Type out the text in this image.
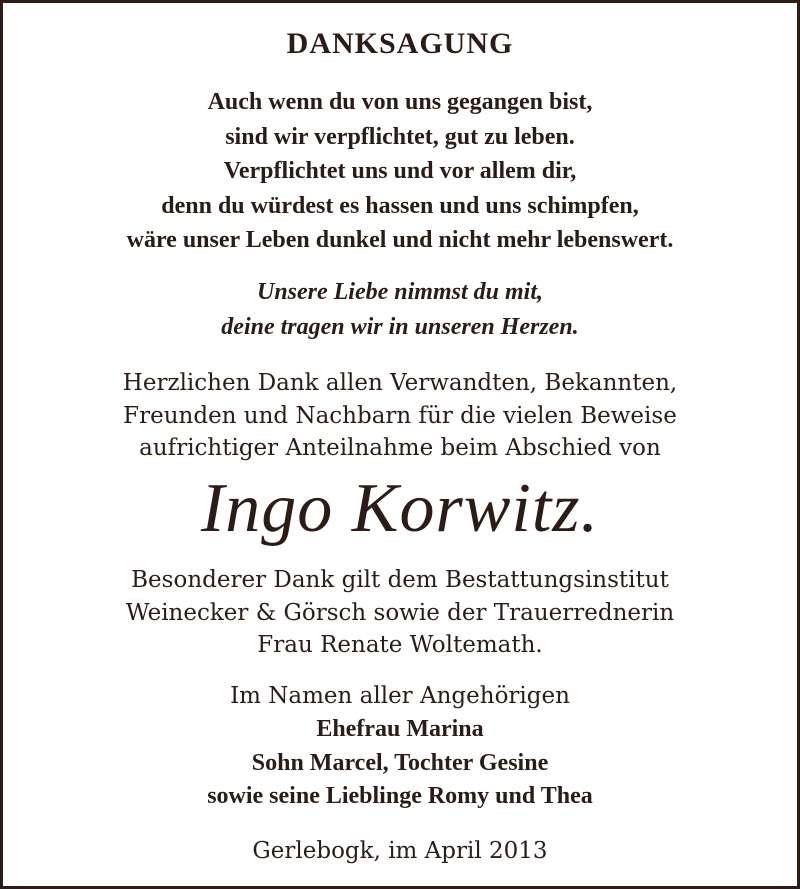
DANKSAGUNG
Auch wenn du von uns gegangen bist,
sind wir verpflichtet, gut zu leben.
Verpflichtet uns und vor allem dir,
denn du würdest es hassen und uns schimpfen,
wäre unser Leben dunkel und nicht mehr lebenswert.
Unsere Liebe nimmst du mit,
deine tragen wir in unseren Herzen.
Herzlichen Dank allen Verwandten, Bekannten,
Freunden und Nachbarn für die vielen Beweise
aufrichtiger Anteilnahme beim Abschied von
Ingo Korwitz.
Besonderer Dank gilt dem Bestattungsinstitut
Weinecker & Görsch sowie der Trauerrednerin
Frau Renate Woltemath.
Im Namen aller Angehörigen
Ehefrau Marina
Sohn Marcel, Tochter Gesine
sowie seine Lieblinge Romy und Thea
Gerlebogk, im April 2013
